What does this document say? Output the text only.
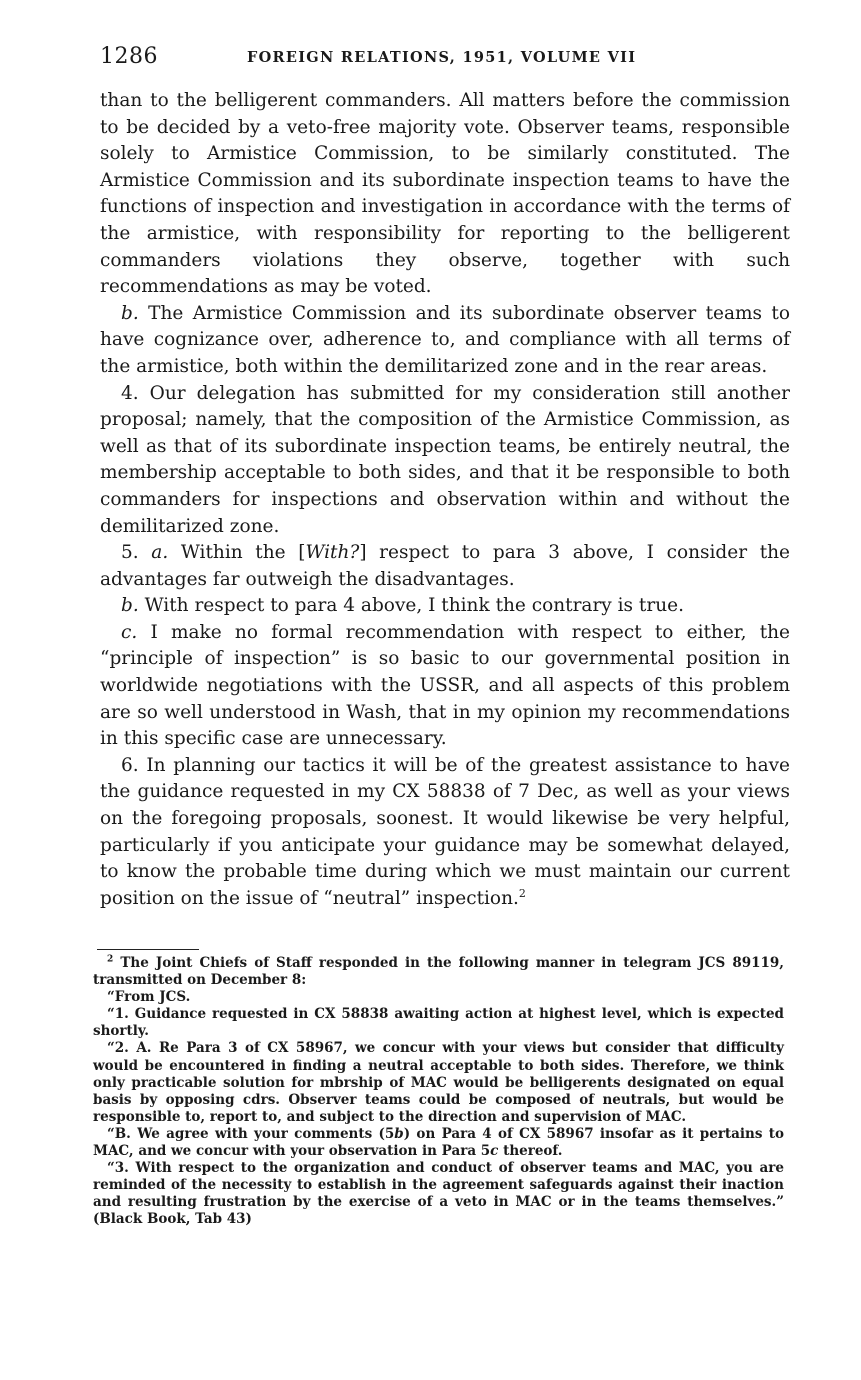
1286	FOREIGN RELATIONS, 1951, VOLUME VII

than to the belligerent commanders. All matters before the commission to be decided by a veto-free majority vote. Observer teams, responsible solely to Armistice Commission, to be similarly constituted. The Armistice Commission and its subordinate inspection teams to have the functions of inspection and investigation in accordance with the terms of the armistice, with responsibility for reporting to the belligerent commanders violations they observe, together with such recommendations as may be voted.

b. The Armistice Commission and its subordinate observer teams to have cognizance over, adherence to, and compliance with all terms of the armistice, both within the demilitarized zone and in the rear areas.

4. Our delegation has submitted for my consideration still another proposal; namely, that the composition of the Armistice Commission, as well as that of its subordinate inspection teams, be entirely neutral, the membership acceptable to both sides, and that it be responsible to both commanders for inspections and observation within and without the demilitarized zone.

5. a. Within the [With?] respect to para 3 above, I consider the advantages far outweigh the disadvantages.

b. With respect to para 4 above, I think the contrary is true.

c. I make no formal recommendation with respect to either, the “principle of inspection” is so basic to our governmental position in worldwide negotiations with the USSR, and all aspects of this problem are so well understood in Wash, that in my opinion my recommendations in this specific case are unnecessary.

6. In planning our tactics it will be of the greatest assistance to have the guidance requested in my CX 58838 of 7 Dec, as well as your views on the foregoing proposals, soonest. It would likewise be very helpful, particularly if you anticipate your guidance may be somewhat delayed, to know the probable time during which we must maintain our current position on the issue of “neutral” inspection.$^2$

$^2$ The Joint Chiefs of Staff responded in the following manner in telegram JCS 89119, transmitted on December 8:

“From JCS.

“1. Guidance requested in CX 58838 awaiting action at highest level, which is expected shortly.

“2. A. Re Para 3 of CX 58967, we concur with your views but consider that difficulty would be encountered in finding a neutral acceptable to both sides. Therefore, we think only practicable solution for mbrship of MAC would be belligerents designated on equal basis by opposing cdrs. Observer teams could be composed of neutrals, but would be responsible to, report to, and subject to the direction and supervision of MAC.

“B. We agree with your comments (5b) on Para 4 of CX 58967 insofar as it pertains to MAC, and we concur with your observation in Para 5c thereof.

“3. With respect to the organization and conduct of observer teams and MAC, you are reminded of the necessity to establish in the agreement safeguards against their inaction and resulting frustration by the exercise of a veto in MAC or in the teams themselves.” (Black Book, Tab 43)
